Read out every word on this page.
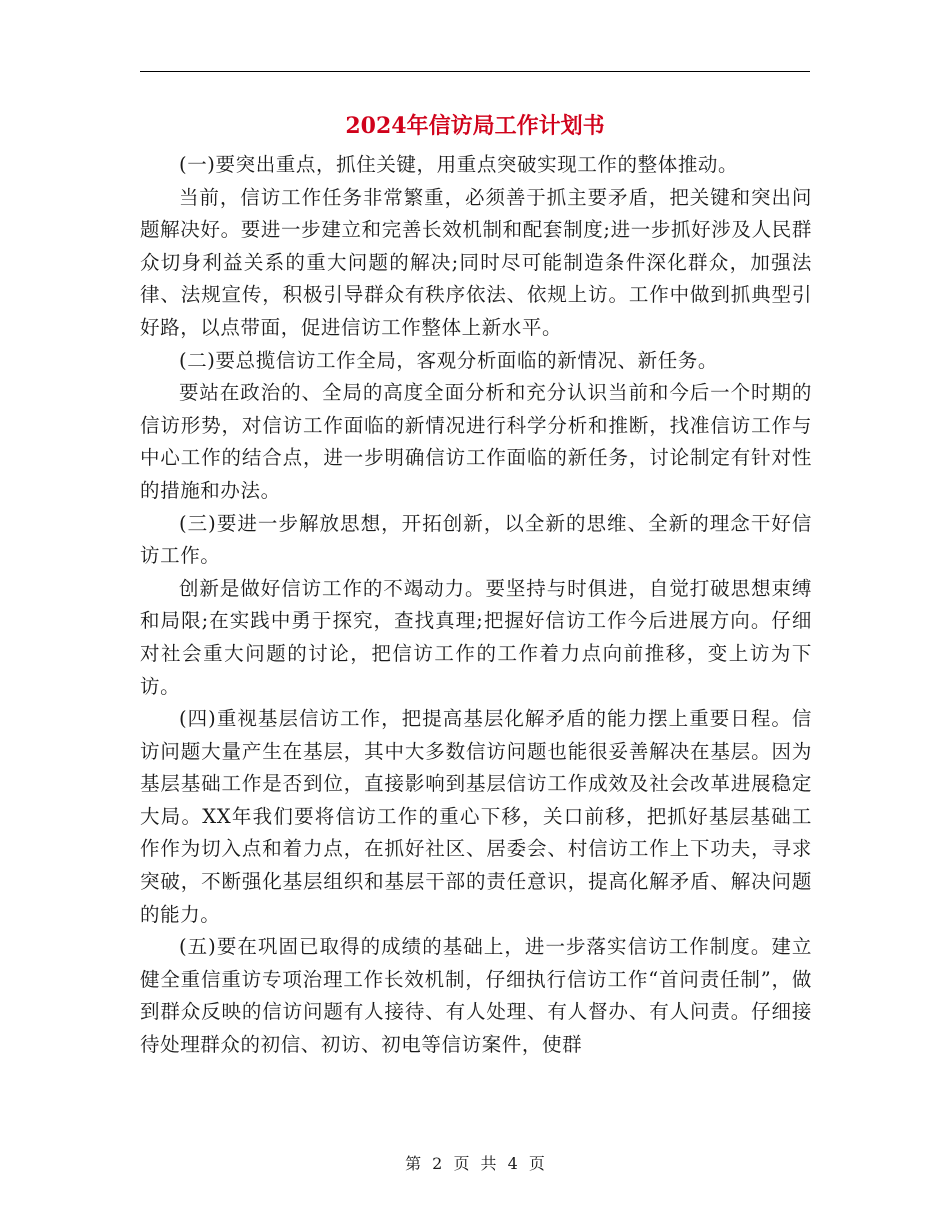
2024年信访局工作计划书

(一)要突出重点，抓住关键，用重点突破实现工作的整体推动。

当前，信访工作任务非常繁重，必须善于抓主要矛盾，把关键和突出问题解决好。要进一步建立和完善长效机制和配套制度;进一步抓好涉及人民群众切身利益关系的重大问题的解决;同时尽可能制造条件深化群众，加强法律、法规宣传，积极引导群众有秩序依法、依规上访。工作中做到抓典型引好路，以点带面，促进信访工作整体上新水平。

(二)要总揽信访工作全局，客观分析面临的新情况、新任务。

要站在政治的、全局的高度全面分析和充分认识当前和今后一个时期的信访形势，对信访工作面临的新情况进行科学分析和推断，找准信访工作与中心工作的结合点，进一步明确信访工作面临的新任务，讨论制定有针对性的措施和办法。

(三)要进一步解放思想，开拓创新，以全新的思维、全新的理念干好信访工作。

创新是做好信访工作的不竭动力。要坚持与时俱进，自觉打破思想束缚和局限;在实践中勇于探究，查找真理;把握好信访工作今后进展方向。仔细对社会重大问题的讨论，把信访工作的工作着力点向前推移，变上访为下访。

(四)重视基层信访工作，把提高基层化解矛盾的能力摆上重要日程。信访问题大量产生在基层，其中大多数信访问题也能很妥善解决在基层。因为基层基础工作是否到位，直接影响到基层信访工作成效及社会改革进展稳定大局。XX年我们要将信访工作的重心下移，关口前移，把抓好基层基础工作作为切入点和着力点，在抓好社区、居委会、村信访工作上下功夫，寻求突破，不断强化基层组织和基层干部的责任意识，提高化解矛盾、解决问题的能力。

(五)要在巩固已取得的成绩的基础上，进一步落实信访工作制度。建立健全重信重访专项治理工作长效机制，仔细执行信访工作“首问责任制”，做到群众反映的信访问题有人接待、有人处理、有人督办、有人问责。仔细接待处理群众的初信、初访、初电等信访案件，使群

第 2 页 共 4 页
